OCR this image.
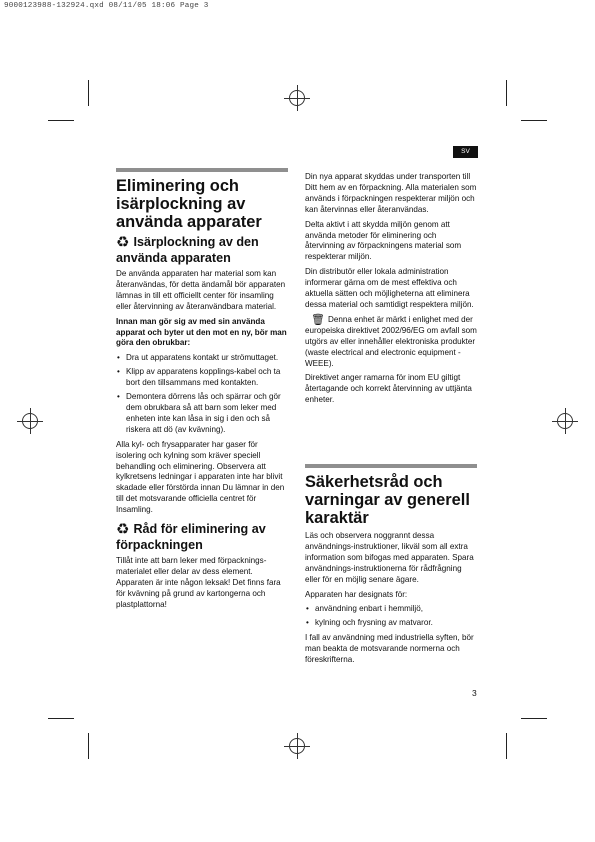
9000123988-132924.qxd 08/11/05 18:06 Page 3
SV
Eliminering och isärplockning av använda apparater
♻ Isärplockning av den använda apparaten

De använda apparaten har material som kan återanvändas, för detta ändamål bör apparaten lämnas in till ett officiellt center för insamling eller återvinning av återanvändbara material.

Innan man gör sig av med sin använda apparat och byter ut den mot en ny, bör man göra den obrukbar:

• Dra ut apparatens kontakt ur strömuttaget.
• Klipp av apparatens kopplings-kabel och ta bort den tillsammans med kontakten.
• Demontera dörrens lås och spärrar och gör dem obrukbara så att barn som leker med enheten inte kan låsa in sig i den och så riskera att dö (av kvävning).

Alla kyl- och frysapparater har gaser för isolering och kylning som kräver speciell behandling och eliminering. Observera att kylkretsens ledningar i apparaten inte har blivit skadade eller förstörda innan Du lämnar in den till det motsvarande officiella centret för Insamling.

♻ Råd för eliminering av förpackningen

Tillåt inte att barn leker med förpacknings-materialet eller delar av dess element. Apparaten är inte någon leksak! Det finns fara för kvävning på grund av kartongerna och plastplattorna!

Din nya apparat skyddas under transporten till Ditt hem av en förpackning. Alla materialen som används i förpackningen respekterar miljön och kan återvinnas eller återanvändas.

Delta aktivt i att skydda miljön genom att använda metoder för eliminering och återvinning av förpackningens material som respekterar miljön.

Din distributör eller lokala administration informerar gärna om de mest effektiva och aktuella sätten och möjligheterna att eliminera dessa material och samtidigt respektera miljön.

🗑 Denna enhet är märkt i enlighet med der europeiska direktivet 2002/96/EG om avfall som utgörs av eller innehåller elektroniska produkter (waste electrical and electronic equipment - WEEE).

Direktivet anger ramarna för inom EU giltigt återtagande och korrekt återvinning av uttjänta enheter.

Säkerhetsråd och varningar av generell karaktär

Läs och observera noggrannt dessa användnings-instruktioner, likväl som all extra information som bifogas med apparaten. Spara användnings-instruktionerna för rådfrågning eller för en möjlig senare ägare.

Apparaten har designats för:

• användning enbart i hemmiljö,
• kylning och frysning av matvaror.

I fall av användning med industriella syften, bör man beakta de motsvarande normerna och föreskrifterna.

3
